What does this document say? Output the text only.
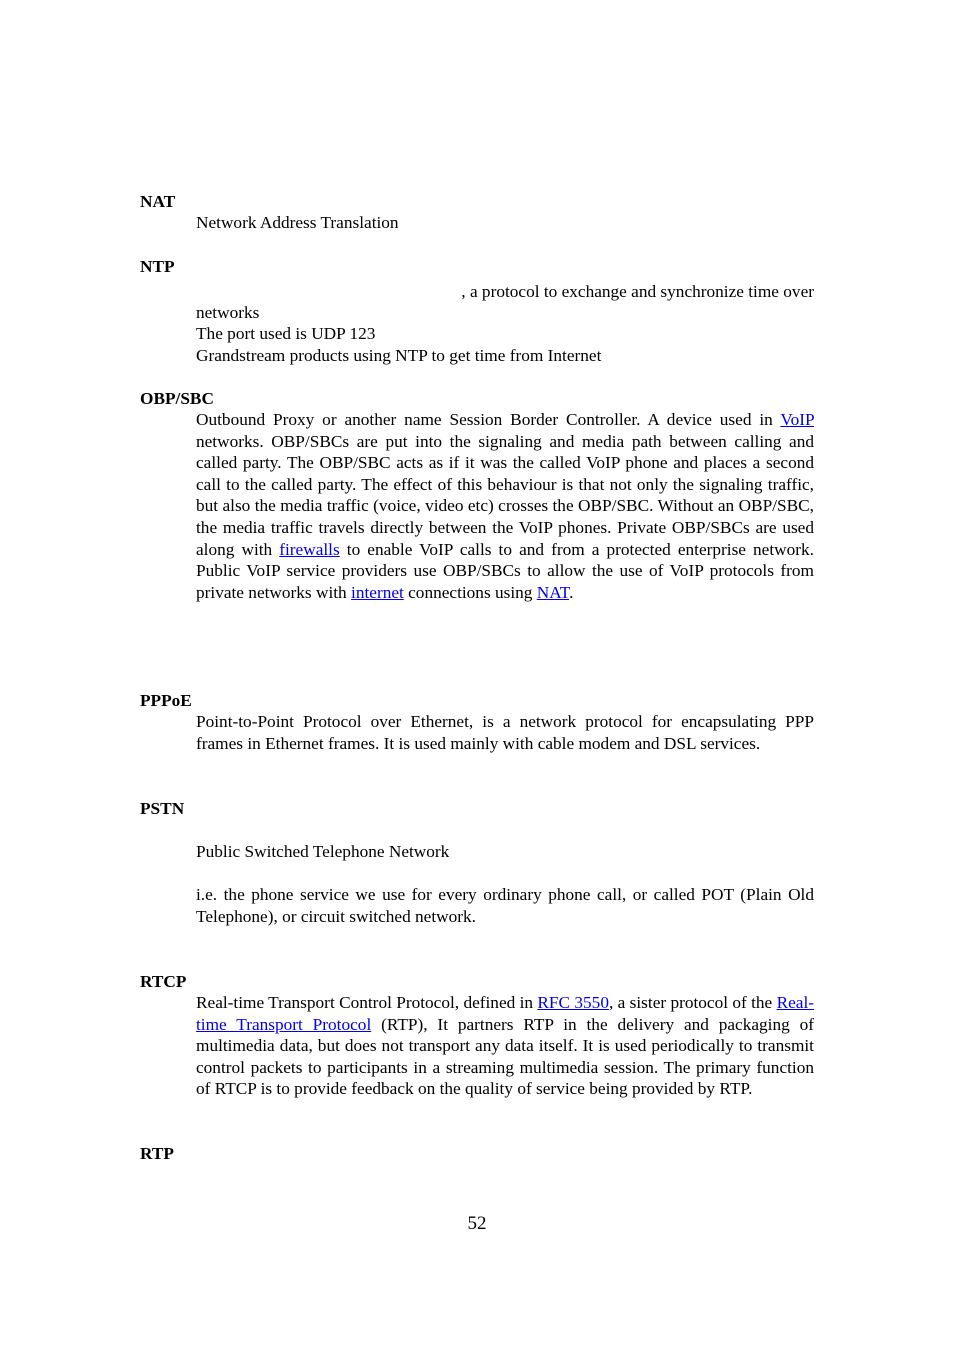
NAT
Network Address Translation
NTP
, a protocol to exchange and synchronize time over
networks
The port used is UDP 123
Grandstream products using NTP to get time from Internet
OBP/SBC
Outbound Proxy or another name Session Border Controller. A device used in VoIP networks. OBP/SBCs are put into the signaling and media path between calling and called party. The OBP/SBC acts as if it was the called VoIP phone and places a second call to the called party. The effect of this behaviour is that not only the signaling traffic, but also the media traffic (voice, video etc) crosses the OBP/SBC. Without an OBP/SBC, the media traffic travels directly between the VoIP phones. Private OBP/SBCs are used along with firewalls to enable VoIP calls to and from a protected enterprise network. Public VoIP service providers use OBP/SBCs to allow the use of VoIP protocols from private networks with internet connections using NAT.
PPPoE
Point-to-Point Protocol over Ethernet, is a network protocol for encapsulating PPP frames in Ethernet frames. It is used mainly with cable modem and DSL services.
PSTN
Public Switched Telephone Network
i.e. the phone service we use for every ordinary phone call, or called POT (Plain Old Telephone), or circuit switched network.
RTCP
Real-time Transport Control Protocol, defined in RFC 3550, a sister protocol of the Real-time Transport Protocol (RTP), It partners RTP in the delivery and packaging of multimedia data, but does not transport any data itself. It is used periodically to transmit control packets to participants in a streaming multimedia session. The primary function of RTCP is to provide feedback on the quality of service being provided by RTP.
RTP
52
